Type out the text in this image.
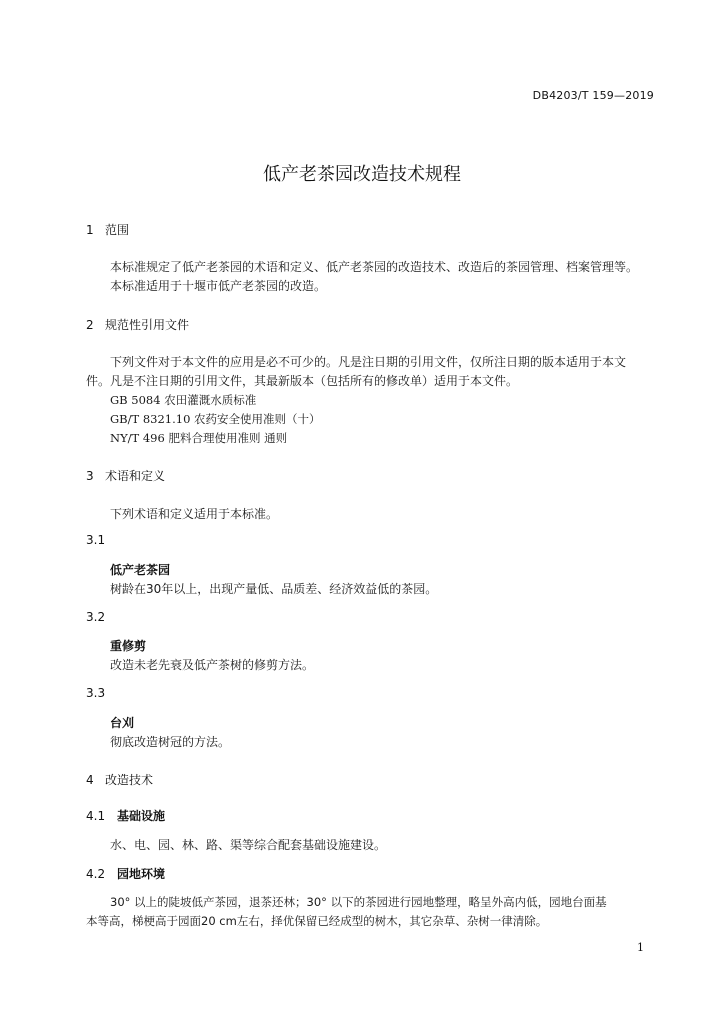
DB4203/T 159—2019
低产老茶园改造技术规程
1 范围
本标准规定了低产老茶园的术语和定义、低产老茶园的改造技术、改造后的茶园管理、档案管理等。
本标准适用于十堰市低产老茶园的改造。
2 规范性引用文件
下列文件对于本文件的应用是必不可少的。凡是注日期的引用文件，仅所注日期的版本适用于本文
件。凡是不注日期的引用文件，其最新版本（包括所有的修改单）适用于本文件。
GB 5084 农田灌溉水质标准
GB/T 8321.10 农药安全使用准则（十）
NY/T 496 肥料合理使用准则 通则
3 术语和定义
下列术语和定义适用于本标准。
3.1
低产老茶园
树龄在30年以上，出现产量低、品质差、经济效益低的茶园。
3.2
重修剪
改造未老先衰及低产茶树的修剪方法。
3.3
台刈
彻底改造树冠的方法。
4 改造技术
4.1 基础设施
水、电、园、林、路、渠等综合配套基础设施建设。
4.2 园地环境
30° 以上的陡坡低产茶园，退茶还林；30° 以下的茶园进行园地整理，略呈外高内低，园地台面基
本等高，梯梗高于园面20 cm左右，择优保留已经成型的树木，其它杂草、杂树一律清除。
1
